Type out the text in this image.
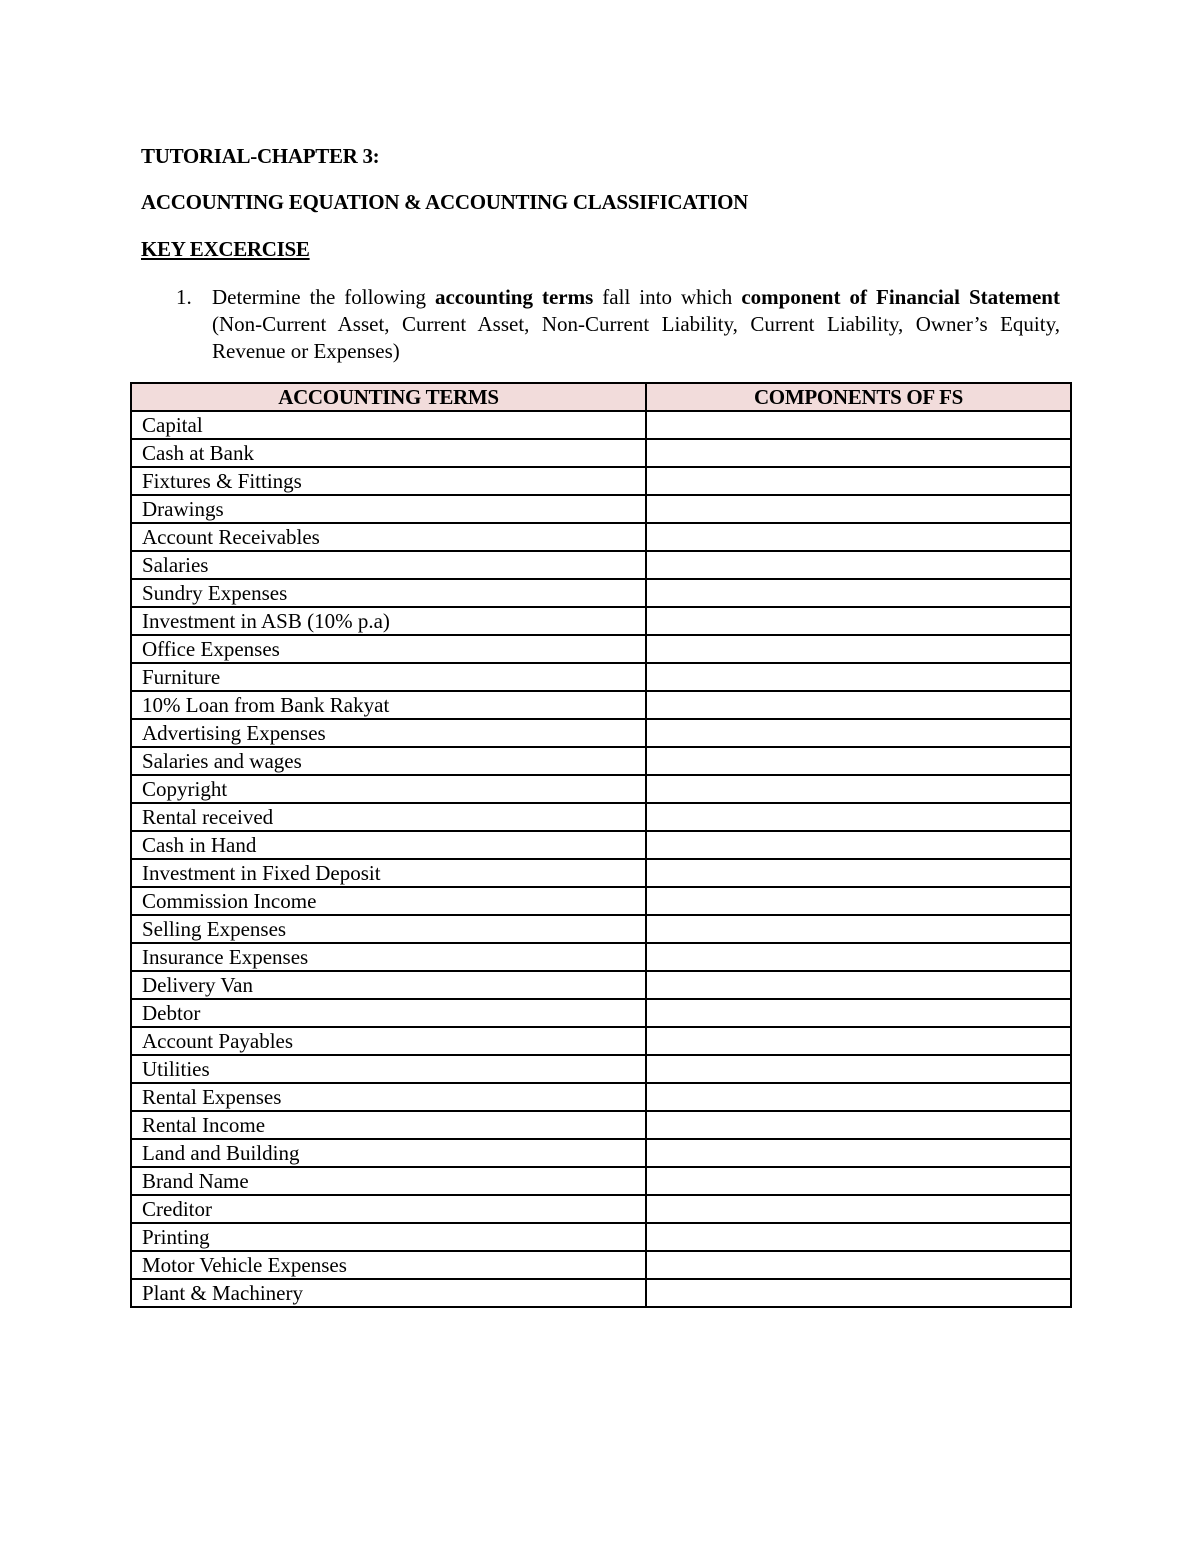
TUTORIAL-CHAPTER 3:
ACCOUNTING EQUATION & ACCOUNTING CLASSIFICATION
KEY EXCERCISE
1. Determine the following accounting terms fall into which component of Financial Statement (Non-Current Asset, Current Asset, Non-Current Liability, Current Liability, Owner’s Equity, Revenue or Expenses)
ACCOUNTING TERMS	COMPONENTS OF FS
Capital	
Cash at Bank	
Fixtures & Fittings	
Drawings	
Account Receivables	
Salaries	
Sundry Expenses	
Investment in ASB (10% p.a)	
Office Expenses	
Furniture	
10% Loan from Bank Rakyat	
Advertising Expenses	
Salaries and wages	
Copyright	
Rental received	
Cash in Hand	
Investment in Fixed Deposit	
Commission Income	
Selling Expenses	
Insurance Expenses	
Delivery Van	
Debtor	
Account Payables	
Utilities	
Rental Expenses	
Rental Income	
Land and Building	
Brand Name	
Creditor	
Printing	
Motor Vehicle Expenses	
Plant & Machinery	
